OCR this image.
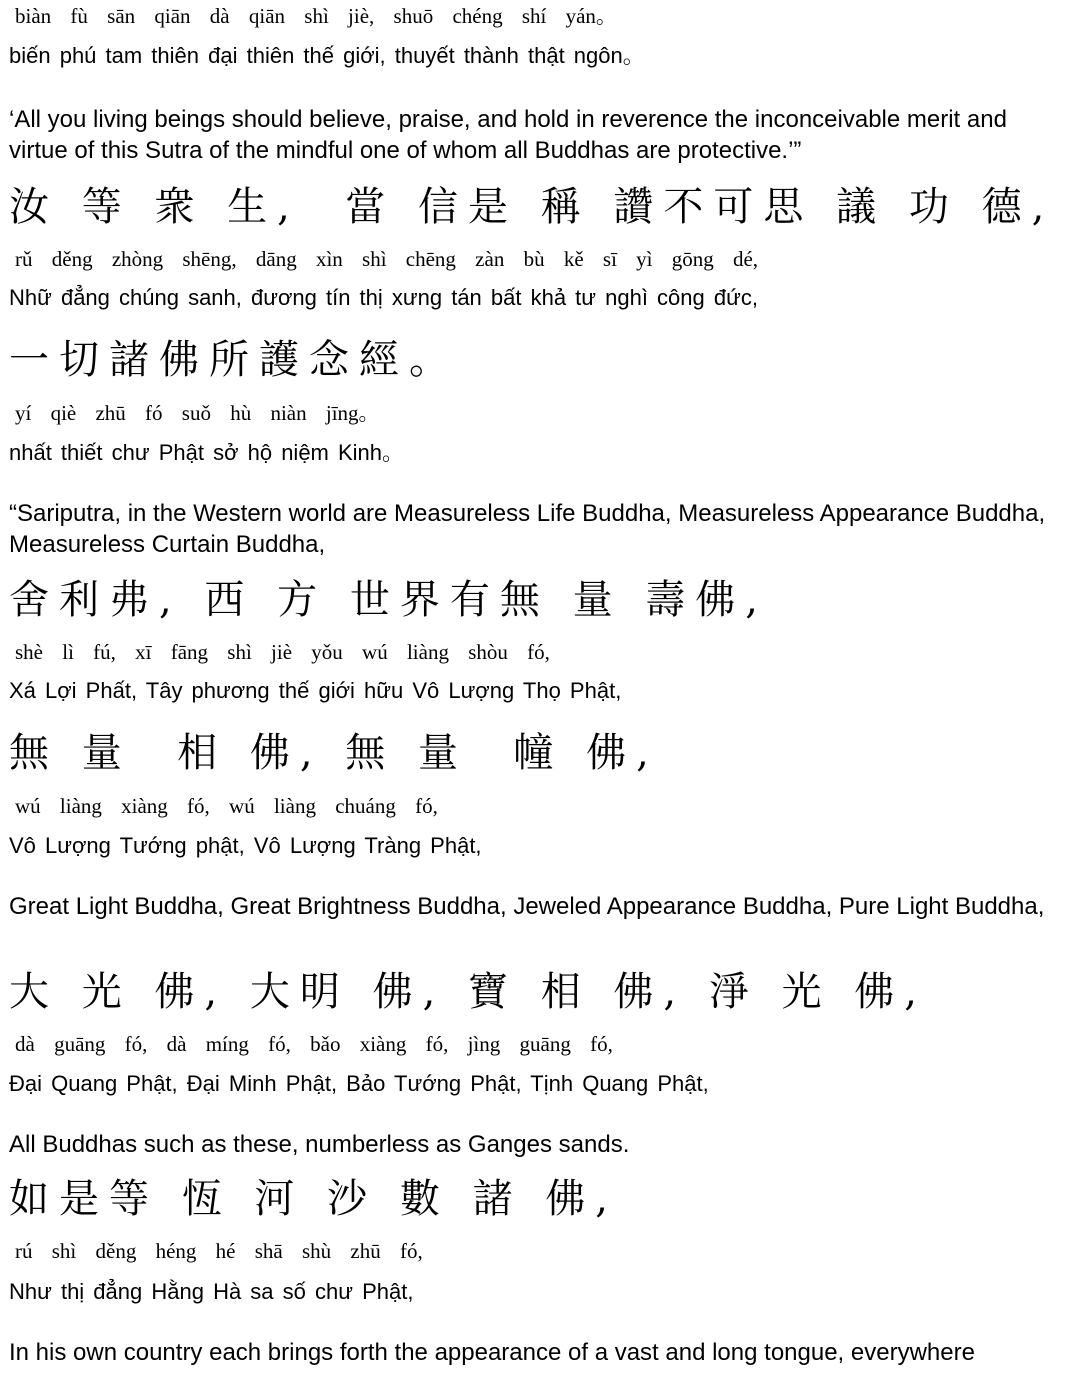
biàn fù sān qiān dà qiān shì jiè, shuō chéng shí yán。
biến phú tam thiên đại thiên thế giới, thuyết thành thật ngôn。
‘All you living beings should believe, praise, and hold in reverence the inconceivable merit and virtue of this Sutra of the mindful one of whom all Buddhas are protective.’”
汝 等 衆 生,  當 信是 稱 讚不可思 議 功 德,
rǔ děng zhòng shēng, dāng xìn shì chēng zàn bù kě sī yì gōng dé,
Nhữ đẳng chúng sanh, đương tín thị xưng tán bất khả tư nghì công đức,
一切諸佛所護念經。
yí qiè zhū fó suǒ hù niàn jīng。
nhất thiết chư Phật sở hộ niệm Kinh。
“Sariputra, in the Western world are Measureless Life Buddha, Measureless Appearance Buddha, Measureless Curtain Buddha,
舍利弗, 西 方 世界有無 量 壽佛,
shè lì fú, xī fāng shì jiè yǒu wú liàng shòu fó,
Xá Lợi Phất, Tây phương thế giới hữu Vô Lượng Thọ Phật,
無 量  相 佛, 無 量  幢 佛,
wú liàng xiàng fó, wú liàng chuáng fó,
Vô Lượng Tướng phật, Vô Lượng Tràng Phật,
Great Light Buddha, Great Brightness Buddha, Jeweled Appearance Buddha, Pure Light Buddha,
大 光 佛, 大明 佛, 寶 相 佛, 淨 光 佛,
dà guāng fó, dà míng fó, bǎo xiàng fó, jìng guāng fó,
Đại Quang Phật, Đại Minh Phật, Bảo Tướng Phật, Tịnh Quang Phật,
All Buddhas such as these, numberless as Ganges sands.
如是等 恆 河 沙 數 諸 佛,
rú shì děng héng hé shā shù zhū fó,
Như thị đẳng Hằng Hà sa số chư Phật,
In his own country each brings forth the appearance of a vast and long tongue, everywhere
